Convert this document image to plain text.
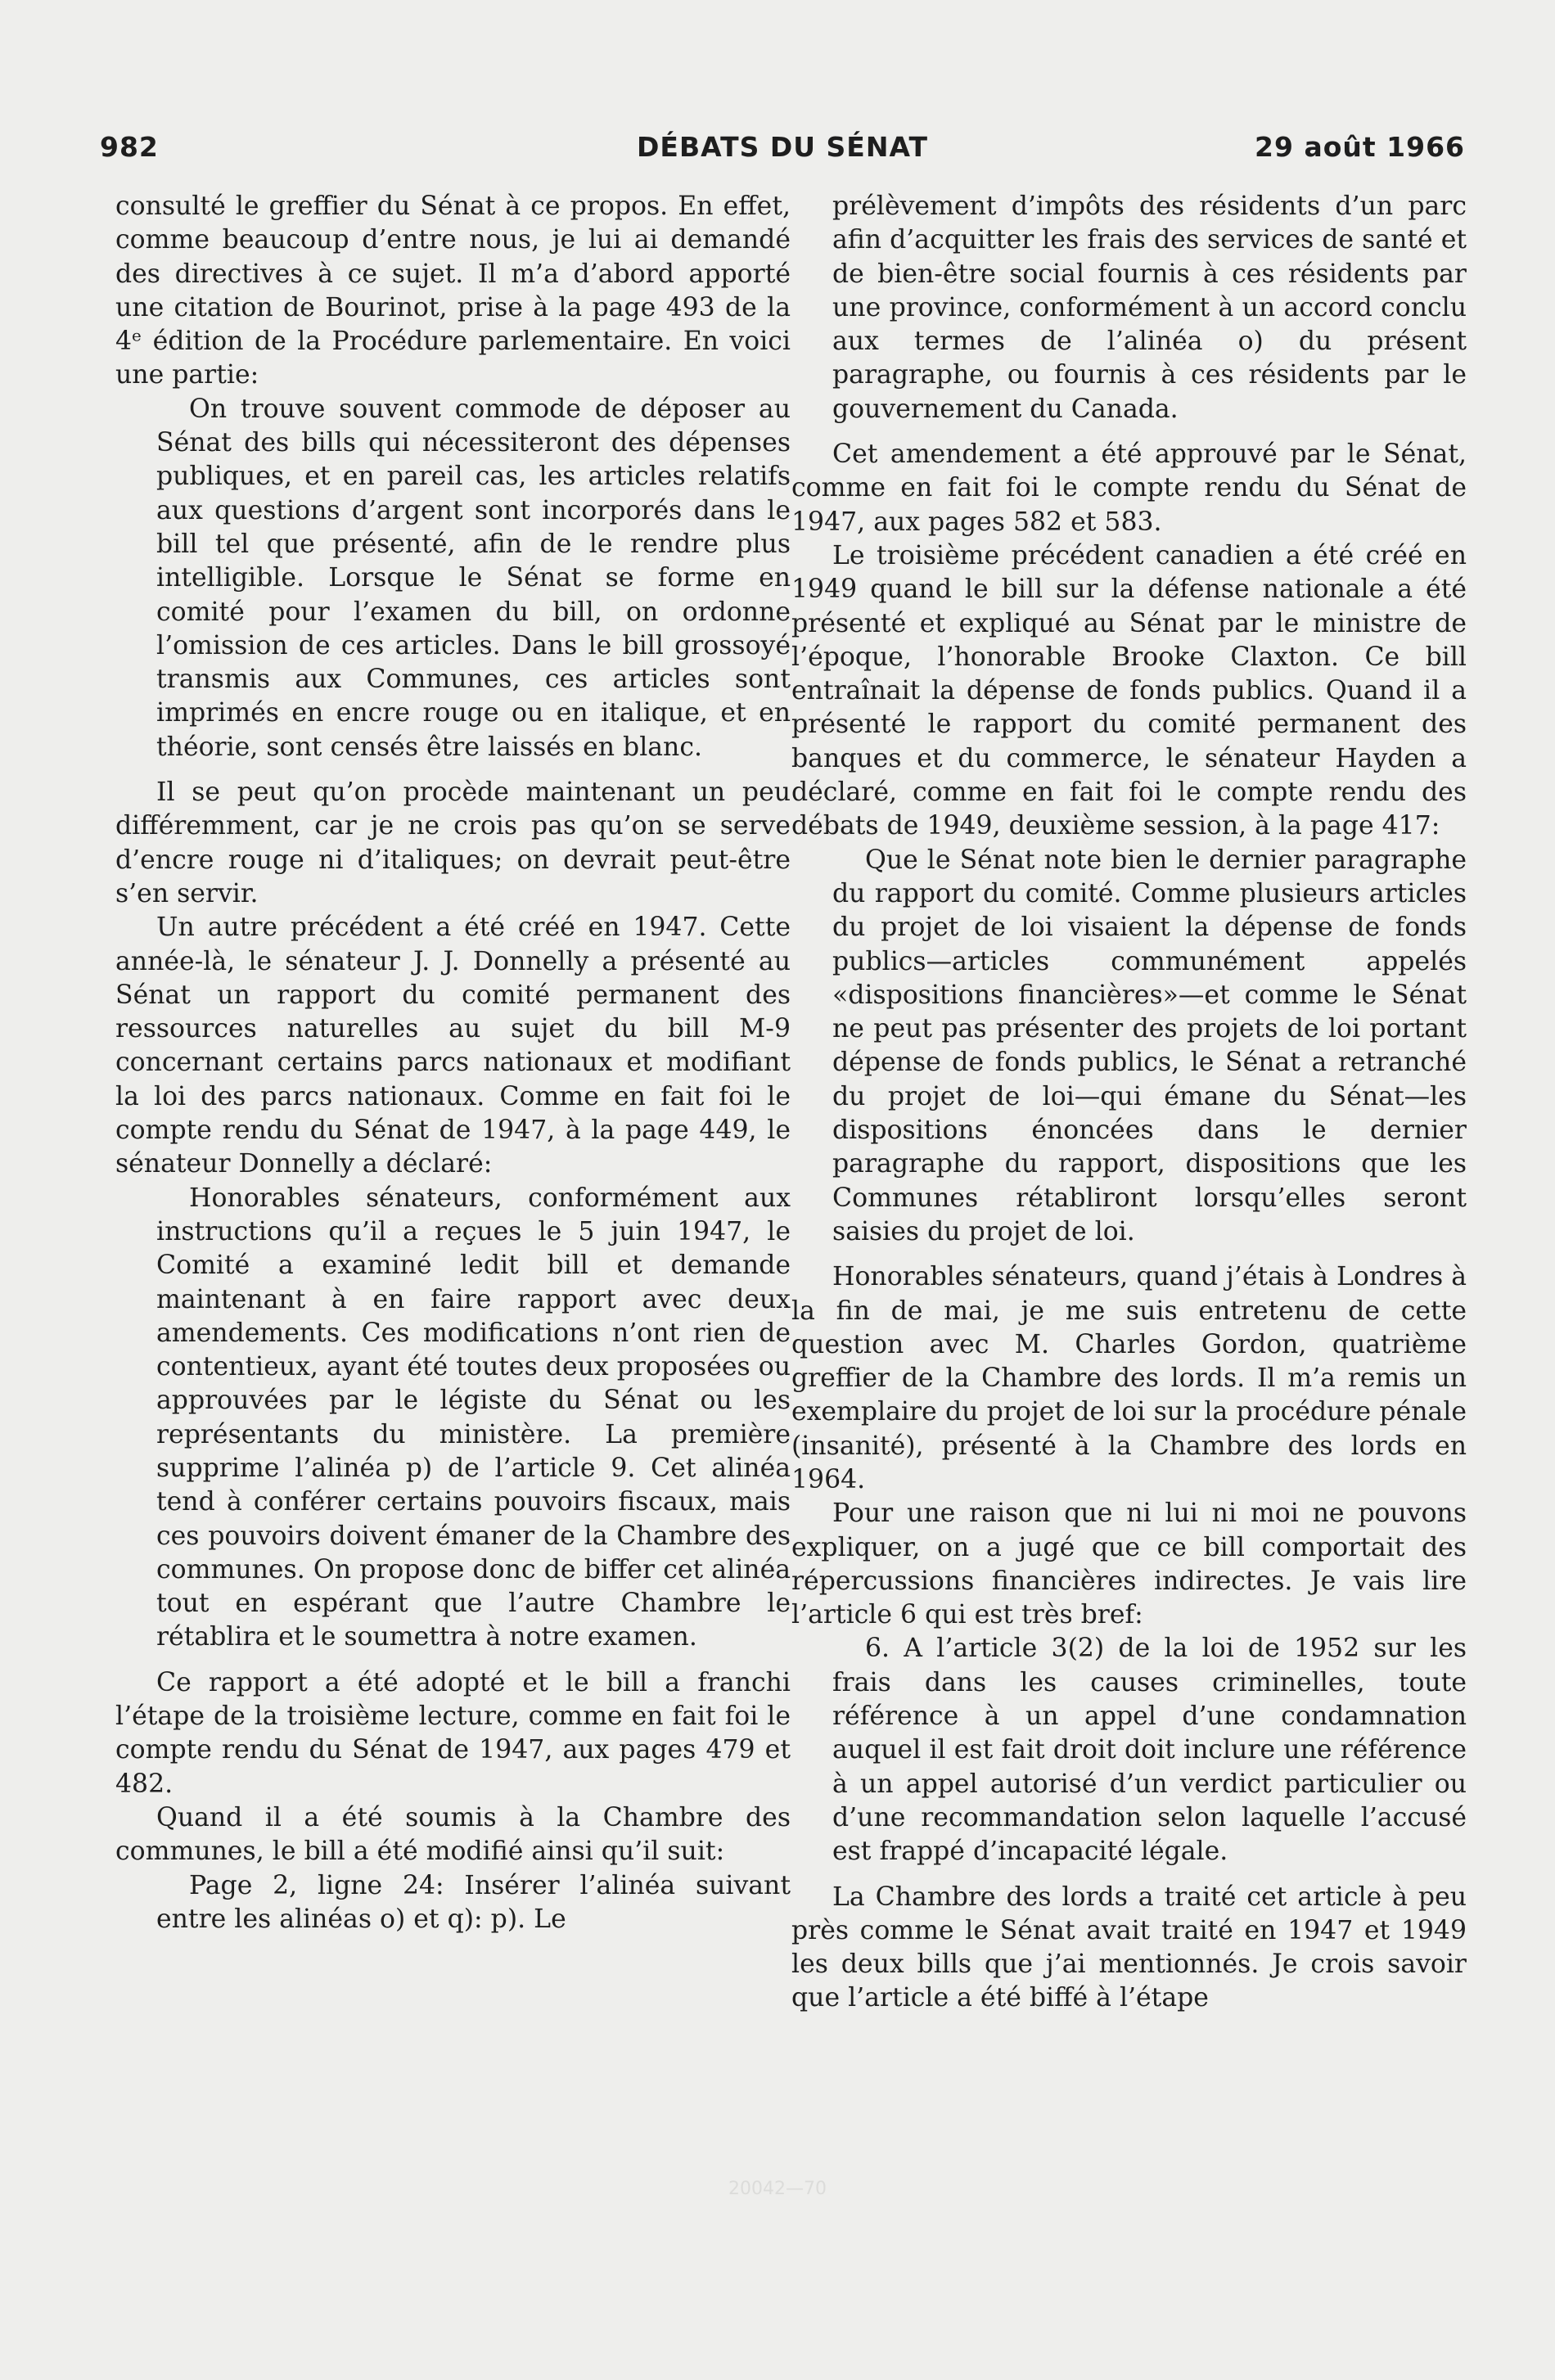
982	DÉBATS DU SÉNAT	29 août 1966

consulté le greffier du Sénat à ce propos. En effet, comme beaucoup d’entre nous, je lui ai demandé des directives à ce sujet. Il m’a d’abord apporté une citation de Bourinot, prise à la page 493 de la 4ᵉ édition de la Procédure parlementaire. En voici une partie:

On trouve souvent commode de déposer au Sénat des bills qui nécessiteront des dépenses publiques, et en pareil cas, les articles relatifs aux questions d’argent sont incorporés dans le bill tel que présenté, afin de le rendre plus intelligible. Lorsque le Sénat se forme en comité pour l’examen du bill, on ordonne l’omission de ces articles. Dans le bill grossoyé transmis aux Communes, ces articles sont imprimés en encre rouge ou en italique, et en théorie, sont censés être laissés en blanc.

Il se peut qu’on procède maintenant un peu différemment, car je ne crois pas qu’on se serve d’encre rouge ni d’italiques; on devrait peut-être s’en servir.

Un autre précédent a été créé en 1947. Cette année-là, le sénateur J. J. Donnelly a présenté au Sénat un rapport du comité permanent des ressources naturelles au sujet du bill M-9 concernant certains parcs nationaux et modifiant la loi des parcs nationaux. Comme en fait foi le compte rendu du Sénat de 1947, à la page 449, le sénateur Donnelly a déclaré:

Honorables sénateurs, conformément aux instructions qu’il a reçues le 5 juin 1947, le Comité a examiné ledit bill et demande maintenant à en faire rapport avec deux amendements. Ces modifications n’ont rien de contentieux, ayant été toutes deux proposées ou approuvées par le légiste du Sénat ou les représentants du ministère. La première supprime l’alinéa p) de l’article 9. Cet alinéa tend à conférer certains pouvoirs fiscaux, mais ces pouvoirs doivent émaner de la Chambre des communes. On propose donc de biffer cet alinéa tout en espérant que l’autre Chambre le rétablira et le soumettra à notre examen.

Ce rapport a été adopté et le bill a franchi l’étape de la troisième lecture, comme en fait foi le compte rendu du Sénat de 1947, aux pages 479 et 482.

Quand il a été soumis à la Chambre des communes, le bill a été modifié ainsi qu’il suit:

Page 2, ligne 24: Insérer l’alinéa suivant entre les alinéas o) et q): p). Le

prélèvement d’impôts des résidents d’un parc afin d’acquitter les frais des services de santé et de bien-être social fournis à ces résidents par une province, conformément à un accord conclu aux termes de l’alinéa o) du présent paragraphe, ou fournis à ces résidents par le gouvernement du Canada.

Cet amendement a été approuvé par le Sénat, comme en fait foi le compte rendu du Sénat de 1947, aux pages 582 et 583.

Le troisième précédent canadien a été créé en 1949 quand le bill sur la défense nationale a été présenté et expliqué au Sénat par le ministre de l’époque, l’honorable Brooke Claxton. Ce bill entraînait la dépense de fonds publics. Quand il a présenté le rapport du comité permanent des banques et du commerce, le sénateur Hayden a déclaré, comme en fait foi le compte rendu des débats de 1949, deuxième session, à la page 417:

Que le Sénat note bien le dernier paragraphe du rapport du comité. Comme plusieurs articles du projet de loi visaient la dépense de fonds publics—articles communément appelés «dispositions financières»—et comme le Sénat ne peut pas présenter des projets de loi portant dépense de fonds publics, le Sénat a retranché du projet de loi—qui émane du Sénat—les dispositions énoncées dans le dernier paragraphe du rapport, dispositions que les Communes rétabliront lorsqu’elles seront saisies du projet de loi.

Honorables sénateurs, quand j’étais à Londres à la fin de mai, je me suis entretenu de cette question avec M. Charles Gordon, quatrième greffier de la Chambre des lords. Il m’a remis un exemplaire du projet de loi sur la procédure pénale (insanité), présenté à la Chambre des lords en 1964.

Pour une raison que ni lui ni moi ne pouvons expliquer, on a jugé que ce bill comportait des répercussions financières indirectes. Je vais lire l’article 6 qui est très bref:

6. A l’article 3(2) de la loi de 1952 sur les frais dans les causes criminelles, toute référence à un appel d’une condamnation auquel il est fait droit doit inclure une référence à un appel autorisé d’un verdict particulier ou d’une recommandation selon laquelle l’accusé est frappé d’incapacité légale.

La Chambre des lords a traité cet article à peu près comme le Sénat avait traité en 1947 et 1949 les deux bills que j’ai mentionnés. Je crois savoir que l’article a été biffé à l’étape

20042—70
